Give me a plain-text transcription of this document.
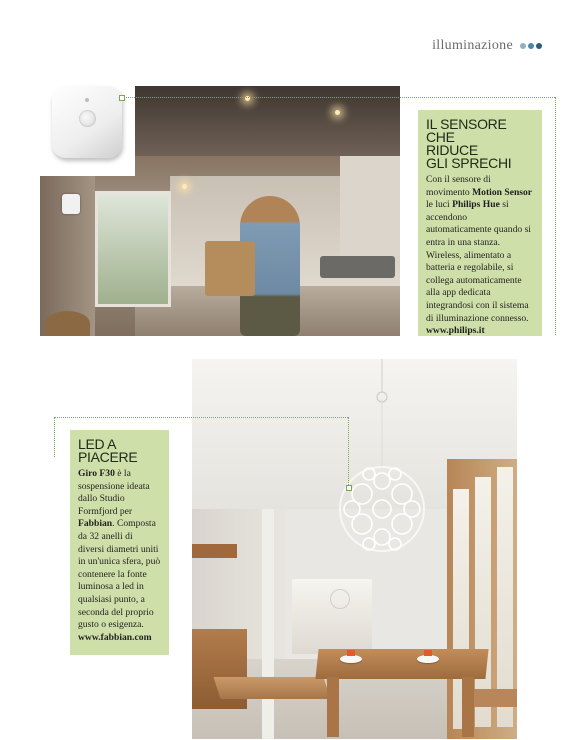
illuminazione
IL SENSORE CHE
RIDUCE
GLI SPRECHI

Con il sensore di movimento Motion Sensor le luci Philips Hue si accendono automaticamente quando si entra in una stanza. Wireless, alimentato a batteria e regolabile, si collega automaticamente alla app dedicata integrandosi con il sistema di illuminazione connesso.
www.philips.it

LED A PIACERE

Giro F30 è la sospensione ideata dallo Studio Formfjord per Fabbian. Composta da 32 anelli di diversi diametri uniti in un'unica sfera, può contenere la fonte luminosa a led in qualsiasi punto, a seconda del proprio gusto o esigenza.
www.fabbian.com
